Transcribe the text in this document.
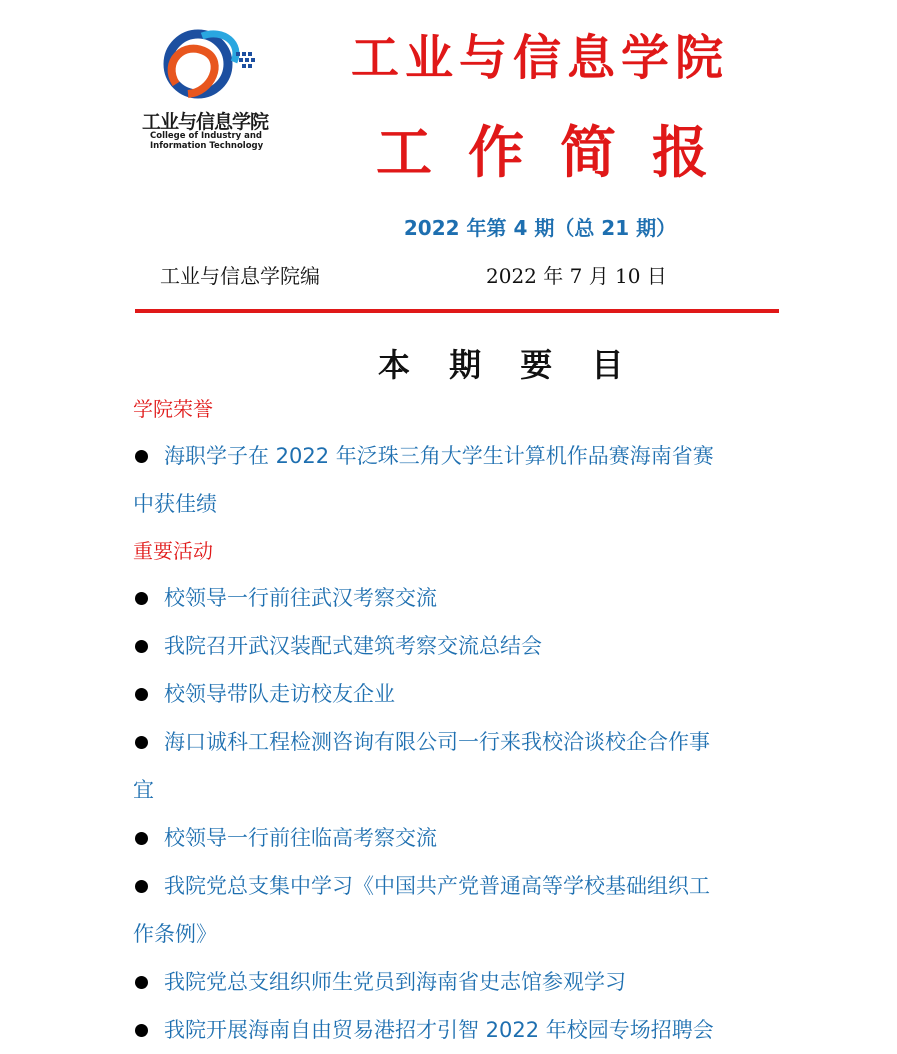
工业与信息学院
College of Industry and
Information Technology
工业与信息学院
工作简报
2022 年第 4 期（总 21 期）
工业与信息学院编	2022 年 7 月 10 日
本 期 要 目
学院荣誉
海职学子在 2022 年泛珠三角大学生计算机作品赛海南省赛
中获佳绩
重要活动
校领导一行前往武汉考察交流
我院召开武汉装配式建筑考察交流总结会
校领导带队走访校友企业
海口诚科工程检测咨询有限公司一行来我校洽谈校企合作事
宜
校领导一行前往临高考察交流
我院党总支集中学习《中国共产党普通高等学校基础组织工
作条例》
我院党总支组织师生党员到海南省史志馆参观学习
我院开展海南自由贸易港招才引智 2022 年校园专场招聘会
